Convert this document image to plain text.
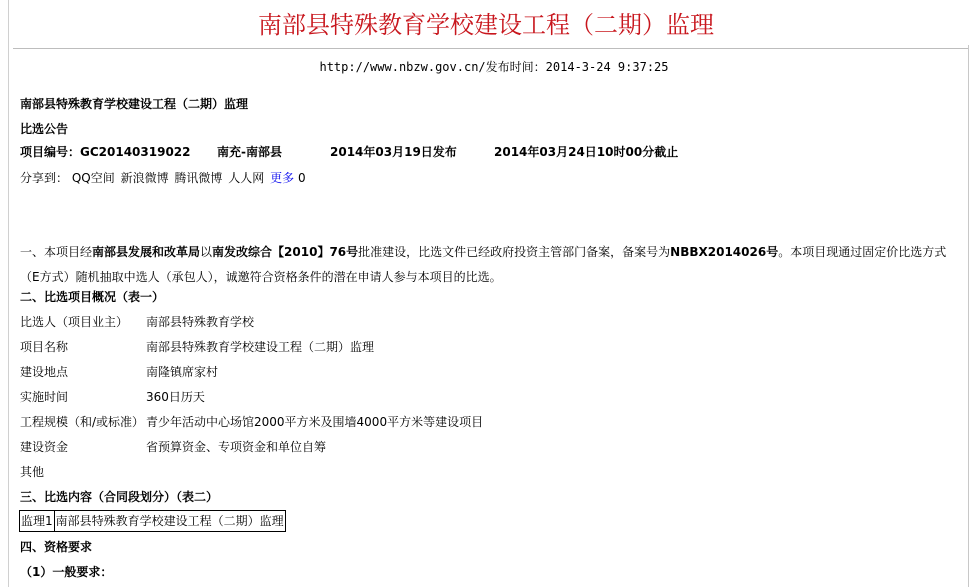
南部县特殊教育学校建设工程（二期）监理
http://www.nbzw.gov.cn/发布时间：2014-3-24 9:37:25
南部县特殊教育学校建设工程（二期）监理
比选公告
项目编号：GC20140319022 南充-南部县	2014年03月19日发布	2014年03月24日10时00分截止
分享到： QQ空间 新浪微博 腾讯微博 人人网 更多 0
一、本项目经南部县发展和改革局以南发改综合【2010】76号批准建设，比选文件已经政府投资主管部门备案，备案号为NBBX2014026号。本项目现通过固定价比选方式（E方式）随机抽取中选人（承包人），诚邀符合资格条件的潜在申请人参与本项目的比选。
二、比选项目概况（表一）
比选人（项目业主） 南部县特殊教育学校
项目名称	南部县特殊教育学校建设工程（二期）监理
建设地点	南隆镇席家村
实施时间	360日历天
工程规模（和/或标准） 青少年活动中心场馆2000平方米及围墙4000平方米等建设项目
建设资金	省预算资金、专项资金和单位自筹
其他
三、比选内容（合同段划分）（表二）
监理1	南部县特殊教育学校建设工程（二期）监理
四、资格要求
（1）一般要求：
